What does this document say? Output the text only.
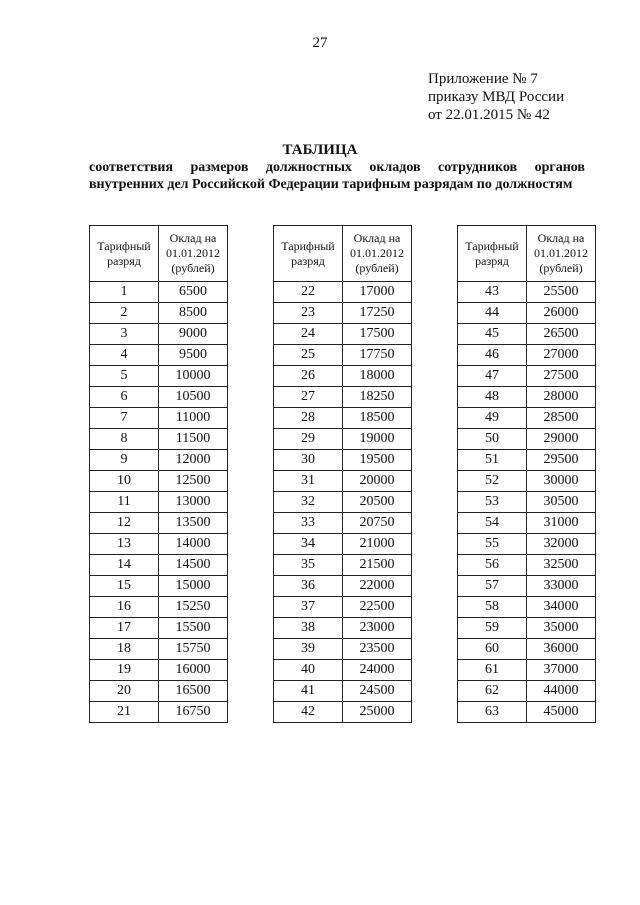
27
Приложение № 7
приказу МВД России
от 22.01.2015 № 42
ТАБЛИЦА
соответствия размеров должностных окладов сотрудников органов внутренних дел Российской Федерации тарифным разрядам по должностям
Тарифный разряд	Оклад на 01.01.2012 (рублей)
1	6500
2	8500
3	9000
4	9500
5	10000
6	10500
7	11000
8	11500
9	12000
10	12500
11	13000
12	13500
13	14000
14	14500
15	15000
16	15250
17	15500
18	15750
19	16000
20	16500
21	16750
Тарифный разряд	Оклад на 01.01.2012 (рублей)
22	17000
23	17250
24	17500
25	17750
26	18000
27	18250
28	18500
29	19000
30	19500
31	20000
32	20500
33	20750
34	21000
35	21500
36	22000
37	22500
38	23000
39	23500
40	24000
41	24500
42	25000
Тарифный разряд	Оклад на 01.01.2012 (рублей)
43	25500
44	26000
45	26500
46	27000
47	27500
48	28000
49	28500
50	29000
51	29500
52	30000
53	30500
54	31000
55	32000
56	32500
57	33000
58	34000
59	35000
60	36000
61	37000
62	44000
63	45000
